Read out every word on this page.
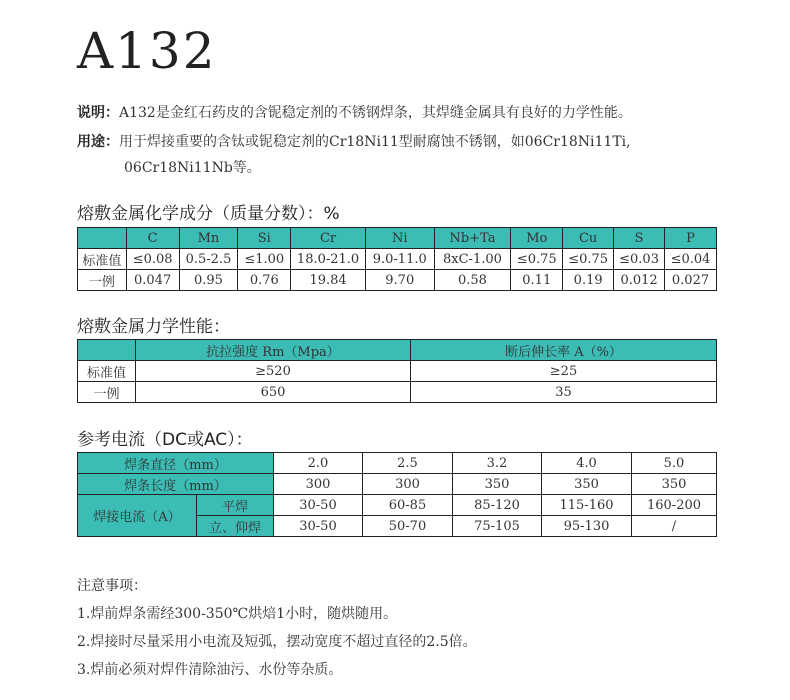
A132
说明：A132是金红石药皮的含铌稳定剂的不锈钢焊条，其焊缝金属具有良好的力学性能。
用途：用于焊接重要的含钛或铌稳定剂的Cr18Ni11型耐腐蚀不锈钢，如06Cr18Ni11Ti,
06Cr18Ni11Nb等。
熔敷金属化学成分（质量分数）：%
	C	Mn	Si	Cr	Ni	Nb+Ta	Mo	Cu	S	P
标准值	≤0.08	0.5-2.5	≤1.00	18.0-21.0	9.0-11.0	8xC-1.00	≤0.75	≤0.75	≤0.03	≤0.04
一例	0.047	0.95	0.76	19.84	9.70	0.58	0.11	0.19	0.012	0.027
熔敷金属力学性能：
	抗拉强度 Rm（Mpa）	断后伸长率 A（%）
标准值	≥520	≥25
一例	650	35
参考电流（DC或AC）：
焊条直径（mm）		2.0	2.5	3.2	4.0	5.0
焊条长度（mm）		300	300	350	350	350
焊接电流（A）	平焊	30-50	60-85	85-120	115-160	160-200
	立、仰焊	30-50	50-70	75-105	95-130	/
注意事项：
1.焊前焊条需经300-350℃烘焙1小时，随烘随用。
2.焊接时尽量采用小电流及短弧，摆动宽度不超过直径的2.5倍。
3.焊前必须对焊件清除油污、水份等杂质。
